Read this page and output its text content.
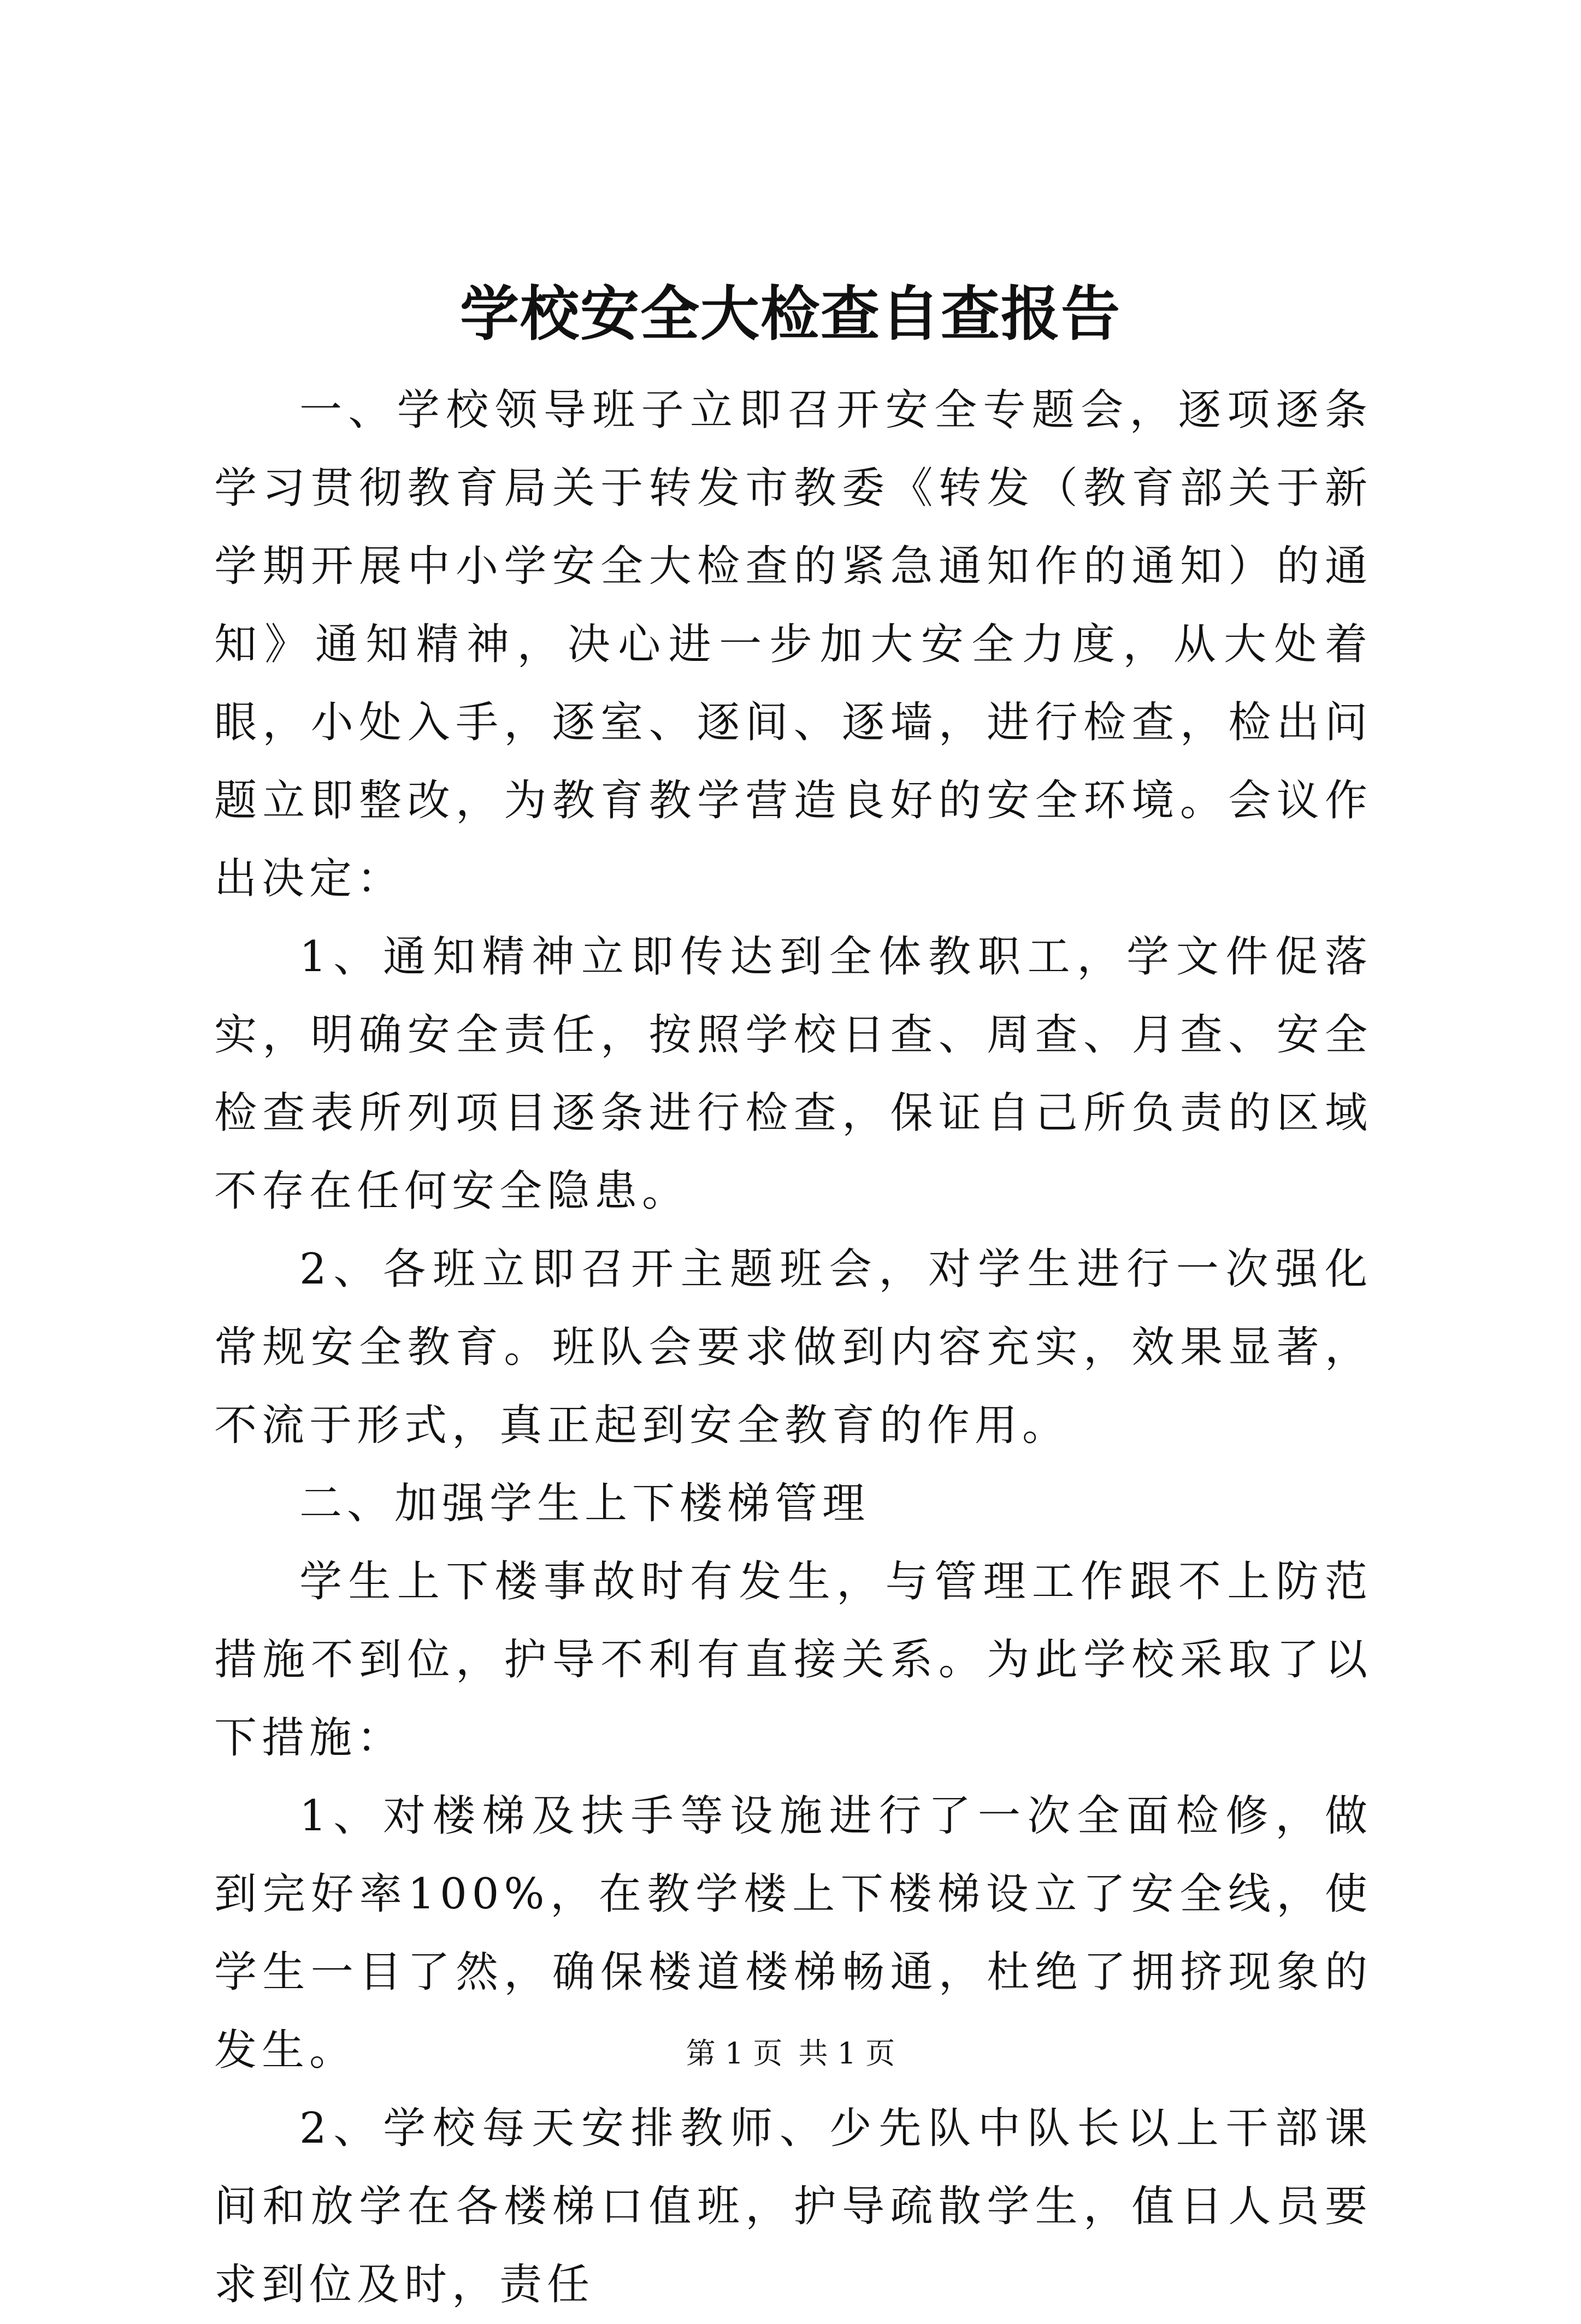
学校安全大检查自查报告

一、学校领导班子立即召开安全专题会，逐项逐条学习贯彻教育局关于转发市教委《转发（教育部关于新学期开展中小学安全大检查的紧急通知作的通知）的通知》通知精神，决心进一步加大安全力度，从大处着眼，小处入手，逐室、逐间、逐墙，进行检查，检出问题立即整改，为教育教学营造良好的安全环境。会议作出决定：

1、通知精神立即传达到全体教职工，学文件促落实，明确安全责任，按照学校日查、周查、月查、安全检查表所列项目逐条进行检查，保证自己所负责的区域不存在任何安全隐患。

2、各班立即召开主题班会，对学生进行一次强化常规安全教育。班队会要求做到内容充实，效果显著，不流于形式，真正起到安全教育的作用。

二、加强学生上下楼梯管理

学生上下楼事故时有发生，与管理工作跟不上防范措施不到位，护导不利有直接关系。为此学校采取了以下措施：

1、对楼梯及扶手等设施进行了一次全面检修，做到完好率100%，在教学楼上下楼梯设立了安全线，使学生一目了然，确保楼道楼梯畅通，杜绝了拥挤现象的发生。

2、学校每天安排教师、少先队中队长以上干部课间和放学在各楼梯口值班，护导疏散学生，值日人员要求到位及时，责任

第 1 页 共 1 页
